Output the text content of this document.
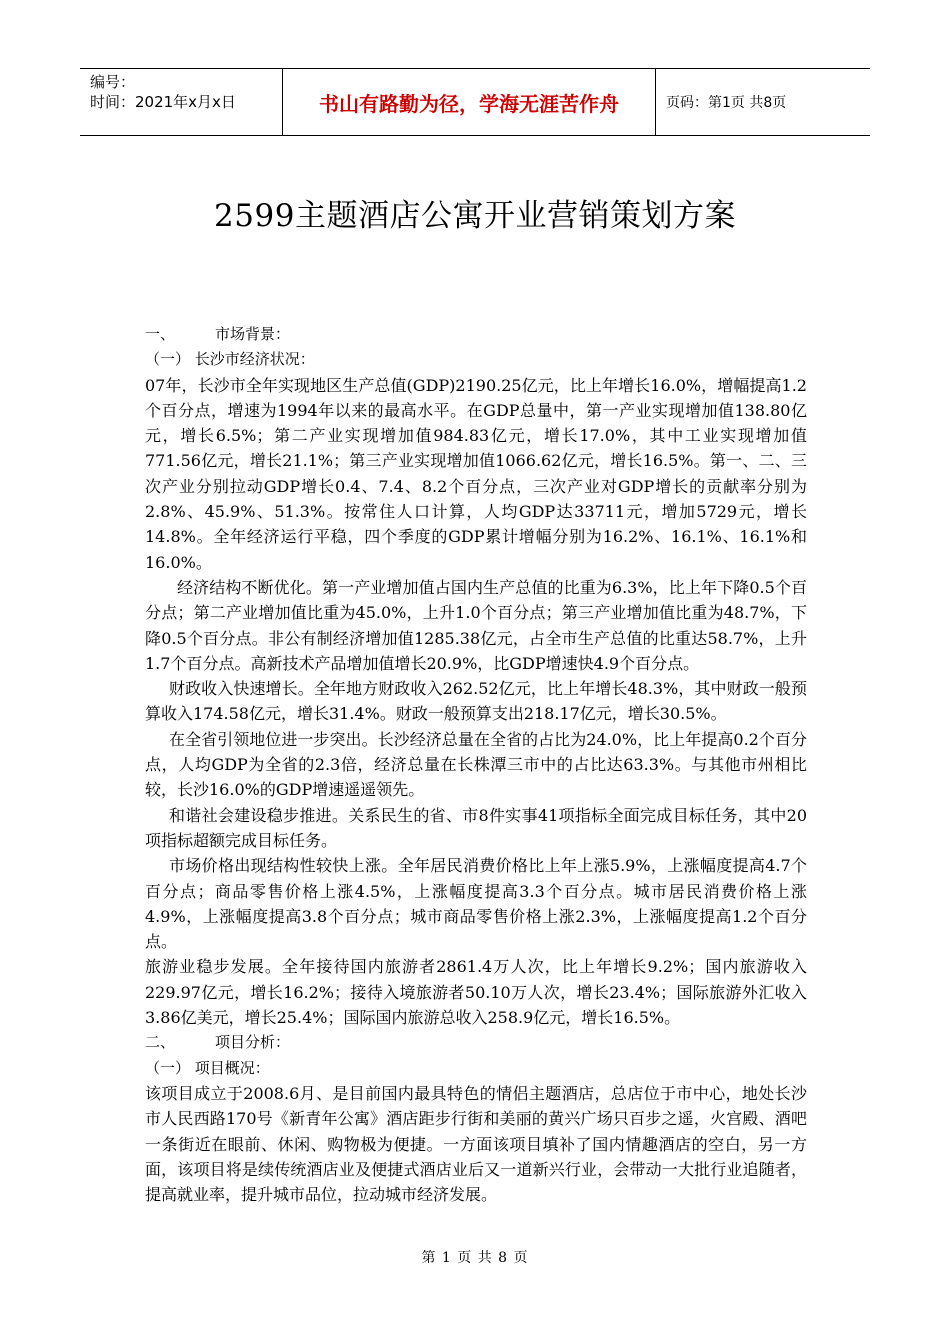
编号：
时间：2021年x月x日	书山有路勤为径，学海无涯苦作舟	页码：第1页 共8页
2599主题酒店公寓开业营销策划方案

一、	市场背景：

（一） 长沙市经济状况：

07年，长沙市全年实现地区生产总值(GDP)2190.25亿元，比上年增长16.0%，增幅提高1.2个百分点，增速为1994年以来的最高水平。在GDP总量中，第一产业实现增加值138.80亿元，增长6.5%；第二产业实现增加值984.83亿元，增长17.0%，其中工业实现增加值771.56亿元，增长21.1%；第三产业实现增加值1066.62亿元，增长16.5%。第一、二、三次产业分别拉动GDP增长0.4、7.4、8.2个百分点，三次产业对GDP增长的贡献率分别为2.8%、45.9%、51.3%。按常住人口计算，人均GDP达33711元，增加5729元，增长14.8%。全年经济运行平稳，四个季度的GDP累计增幅分别为16.2%、16.1%、16.1%和16.0%。

经济结构不断优化。第一产业增加值占国内生产总值的比重为6.3%，比上年下降0.5个百分点；第二产业增加值比重为45.0%，上升1.0个百分点；第三产业增加值比重为48.7%，下降0.5个百分点。非公有制经济增加值1285.38亿元，占全市生产总值的比重达58.7%，上升1.7个百分点。高新技术产品增加值增长20.9%，比GDP增速快4.9个百分点。

财政收入快速增长。全年地方财政收入262.52亿元，比上年增长48.3%，其中财政一般预算收入174.58亿元，增长31.4%。财政一般预算支出218.17亿元，增长30.5%。

在全省引领地位进一步突出。长沙经济总量在全省的占比为24.0%，比上年提高0.2个百分点，人均GDP为全省的2.3倍，经济总量在长株潭三市中的占比达63.3%。与其他市州相比较，长沙16.0%的GDP增速遥遥领先。

和谐社会建设稳步推进。关系民生的省、市8件实事41项指标全面完成目标任务，其中20项指标超额完成目标任务。

市场价格出现结构性较快上涨。全年居民消费价格比上年上涨5.9%，上涨幅度提高4.7个百分点；商品零售价格上涨4.5%，上涨幅度提高3.3个百分点。城市居民消费价格上涨4.9%，上涨幅度提高3.8个百分点；城市商品零售价格上涨2.3%，上涨幅度提高1.2个百分点。

旅游业稳步发展。全年接待国内旅游者2861.4万人次，比上年增长9.2%；国内旅游收入229.97亿元，增长16.2%；接待入境旅游者50.10万人次，增长23.4%；国际旅游外汇收入3.86亿美元，增长25.4%；国际国内旅游总收入258.9亿元，增长16.5%。

二、	项目分析：

（一） 项目概况：

该项目成立于2008.6月、是目前国内最具特色的情侣主题酒店，总店位于市中心，地处长沙市人民西路170号《新青年公寓》酒店距步行街和美丽的黄兴广场只百步之遥，火宫殿、酒吧一条街近在眼前、休闲、购物极为便捷。一方面该项目填补了国内情趣酒店的空白，另一方面，该项目将是续传统酒店业及便捷式酒店业后又一道新兴行业，会带动一大批行业追随者，提高就业率，提升城市品位，拉动城市经济发展。

第 1 页 共 8 页
